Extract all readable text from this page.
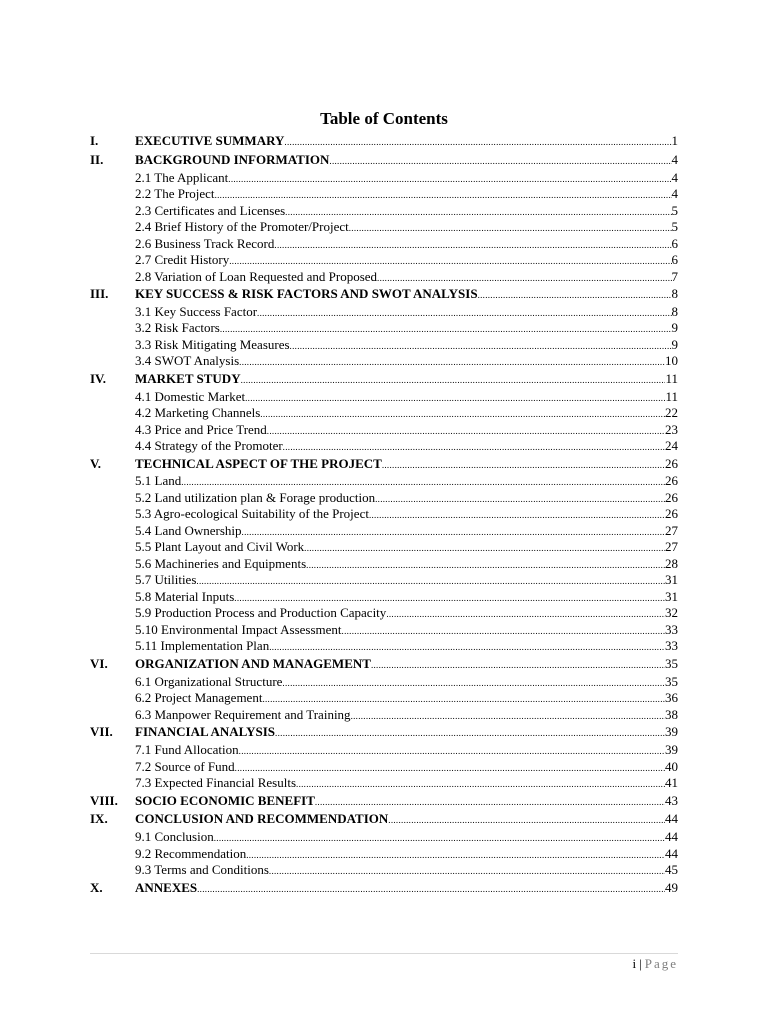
Table of Contents
I.	EXECUTIVE SUMMARY .....	1
II.	BACKGROUND INFORMATION .....	4
2.1 The Applicant .....	4
2.2 The Project .....	4
2.3 Certificates and Licenses .....	5
2.4 Brief History of the Promoter/Project .....	5
2.6 Business Track Record .....	6
2.7 Credit History .....	6
2.8 Variation of Loan Requested and Proposed .....	7
III.	KEY SUCCESS & RISK FACTORS AND SWOT ANALYSIS .....	8
3.1 Key Success Factor .....	8
3.2 Risk Factors .....	9
3.3 Risk Mitigating Measures .....	9
3.4 SWOT Analysis .....	10
IV.	MARKET STUDY .....	11
4.1 Domestic Market .....	11
4.2 Marketing Channels .....	22
4.3 Price and Price Trend .....	23
4.4 Strategy of the Promoter .....	24
V.	TECHNICAL ASPECT OF THE PROJECT .....	26
5.1 Land .....	26
5.2 Land utilization plan & Forage production .....	26
5.3 Agro-ecological Suitability of the Project .....	26
5.4 Land Ownership .....	27
5.5 Plant Layout and Civil Work .....	27
5.6 Machineries and Equipments .....	28
5.7 Utilities .....	31
5.8 Material Inputs .....	31
5.9 Production Process and Production Capacity .....	32
5.10 Environmental Impact Assessment .....	33
5.11 Implementation Plan .....	33
VI.	ORGANIZATION AND MANAGEMENT .....	35
6.1 Organizational Structure .....	35
6.2 Project Management .....	36
6.3 Manpower Requirement and Training .....	38
VII.	FINANCIAL ANALYSIS .....	39
7.1 Fund Allocation .....	39
7.2 Source of Fund .....	40
7.3 Expected Financial Results .....	41
VIII.	SOCIO ECONOMIC BENEFIT .....	43
IX.	CONCLUSION AND RECOMMENDATION .....	44
9.1 Conclusion .....	44
9.2 Recommendation .....	44
9.3 Terms and Conditions .....	45
X.	ANNEXES .....	49
i | Page
